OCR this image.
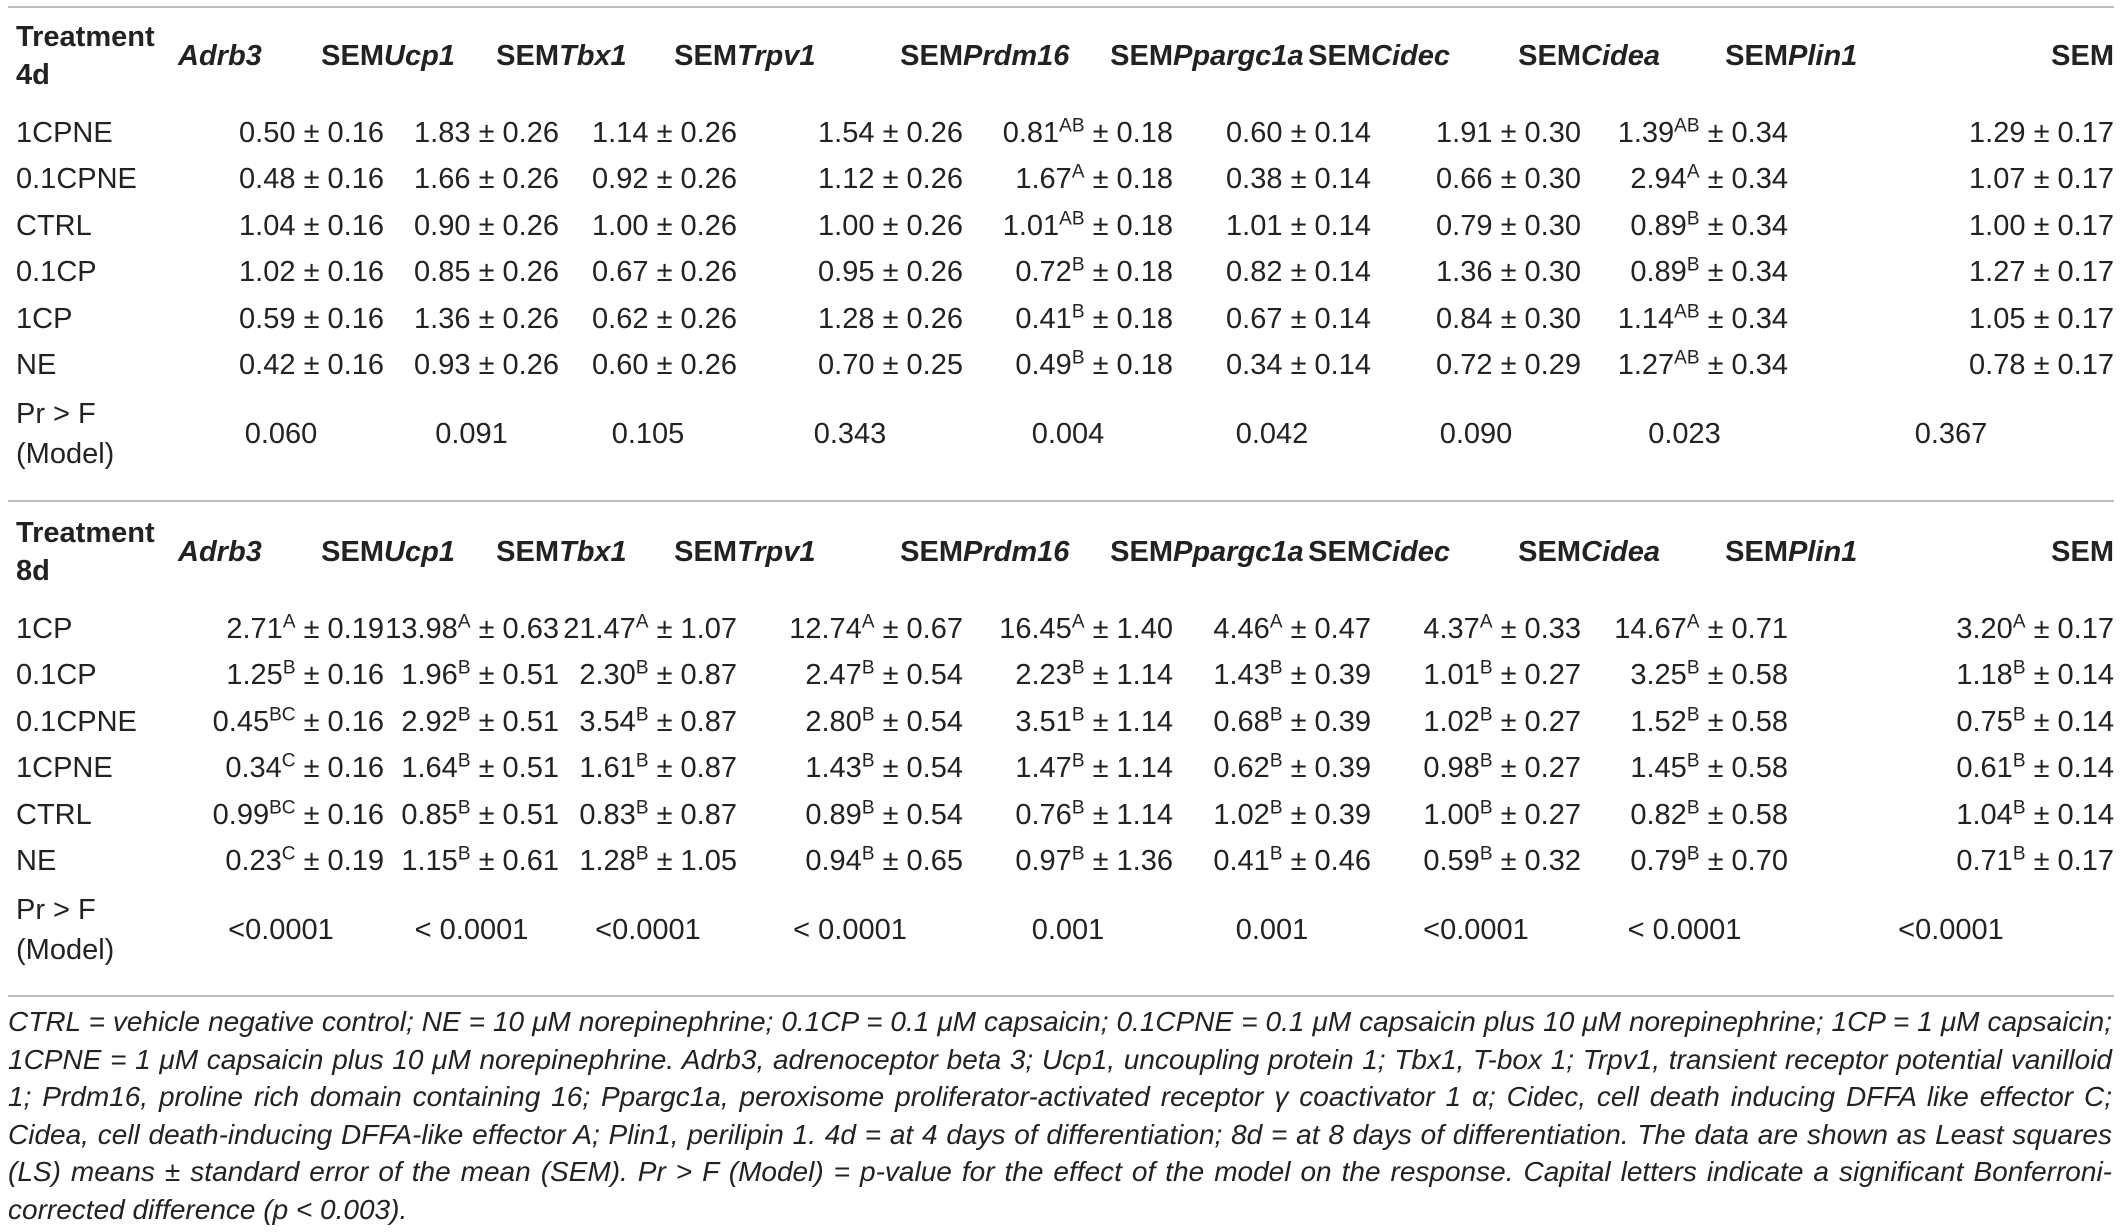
Treatment
4d	Adrb3	SEM	Ucp1	SEM	Tbx1	SEM	Trpv1	SEM	Prdm16	SEM	Ppargc1a	SEM	Cidec	SEM	Cidea	SEM	Plin1	SEM

1CPNE	0.50 ± 0.16		1.83 ± 0.26		1.14 ± 0.26		1.54 ± 0.26		$0.81^{AB} \pm 0.18$		0.60 ± 0.14		1.91 ± 0.30		$1.39^{AB} \pm 0.34$		1.29 ± 0.17	
0.1CPNE	0.48 ± 0.16		1.66 ± 0.26		0.92 ± 0.26		1.12 ± 0.26		$1.67^A \pm 0.18$		0.38 ± 0.14		0.66 ± 0.30		$2.94^A \pm 0.34$		1.07 ± 0.17	
CTRL	1.04 ± 0.16		0.90 ± 0.26		1.00 ± 0.26		1.00 ± 0.26		$1.01^{AB} \pm 0.18$		1.01 ± 0.14		0.79 ± 0.30		$0.89^B \pm 0.34$		1.00 ± 0.17	
0.1CP	1.02 ± 0.16		0.85 ± 0.26		0.67 ± 0.26		0.95 ± 0.26		$0.72^B \pm 0.18$		0.82 ± 0.14		1.36 ± 0.30		$0.89^B \pm 0.34$		1.27 ± 0.17	
1CP	0.59 ± 0.16		1.36 ± 0.26		0.62 ± 0.26		1.28 ± 0.26		$0.41^B \pm 0.18$		0.67 ± 0.14		0.84 ± 0.30		$1.14^{AB} \pm 0.34$		1.05 ± 0.17	
NE	0.42 ± 0.16		0.93 ± 0.26		0.60 ± 0.26		0.70 ± 0.25		$0.49^B \pm 0.18$		0.34 ± 0.14		0.72 ± 0.29		$1.27^{AB} \pm 0.34$		0.78 ± 0.17	
Pr > F
(Model)	0.060		0.091		0.105		0.343		0.004		0.042		0.090		0.023		0.367	
Treatment
8d	Adrb3	SEM	Ucp1	SEM	Tbx1	SEM	Trpv1	SEM	Prdm16	SEM	Ppargc1a	SEM	Cidec	SEM	Cidea	SEM	Plin1	SEM

1CP	$2.71^A \pm 0.19$		$13.98^A \pm 0.63$		$21.47^A \pm 1.07$		$12.74^A \pm 0.67$		$16.45^A \pm 1.40$		$4.46^A \pm 0.47$		$4.37^A \pm 0.33$		$14.67^A \pm 0.71$		$3.20^A \pm 0.17$	
0.1CP	$1.25^B \pm 0.16$		$1.96^B \pm 0.51$		$2.30^B \pm 0.87$		$2.47^B \pm 0.54$		$2.23^B \pm 1.14$		$1.43^B \pm 0.39$		$1.01^B \pm 0.27$		$3.25^B \pm 0.58$		$1.18^B \pm 0.14$	
0.1CPNE	$0.45^{BC} \pm 0.16$		$2.92^B \pm 0.51$		$3.54^B \pm 0.87$		$2.80^B \pm 0.54$		$3.51^B \pm 1.14$		$0.68^B \pm 0.39$		$1.02^B \pm 0.27$		$1.52^B \pm 0.58$		$0.75^B \pm 0.14$	
1CPNE	$0.34^C \pm 0.16$		$1.64^B \pm 0.51$		$1.61^B \pm 0.87$		$1.43^B \pm 0.54$		$1.47^B \pm 1.14$		$0.62^B \pm 0.39$		$0.98^B \pm 0.27$		$1.45^B \pm 0.58$		$0.61^B \pm 0.14$	
CTRL	$0.99^{BC} \pm 0.16$		$0.85^B \pm 0.51$		$0.83^B \pm 0.87$		$0.89^B \pm 0.54$		$0.76^B \pm 1.14$		$1.02^B \pm 0.39$		$1.00^B \pm 0.27$		$0.82^B \pm 0.58$		$1.04^B \pm 0.14$	
NE	$0.23^C \pm 0.19$		$1.15^B \pm 0.61$		$1.28^B \pm 1.05$		$0.94^B \pm 0.65$		$0.97^B \pm 1.36$		$0.41^B \pm 0.46$		$0.59^B \pm 0.32$		$0.79^B \pm 0.70$		$0.71^B \pm 0.17$	
Pr > F
(Model)	<0.0001		< 0.0001		<0.0001		< 0.0001		0.001		0.001		<0.0001		< 0.0001		<0.0001	
CTRL = vehicle negative control; NE = 10 μM norepinephrine; 0.1CP = 0.1 μM capsaicin; 0.1CPNE = 0.1 μM capsaicin plus 10 μM norepinephrine; 1CP = 1 μM capsaicin; 1CPNE = 1 μM capsaicin plus 10 μM norepinephrine. Adrb3, adrenoceptor beta 3; Ucp1, uncoupling protein 1; Tbx1, T-box 1; Trpv1, transient receptor potential vanilloid 1; Prdm16, proline rich domain containing 16; Ppargc1a, peroxisome proliferator-activated receptor γ coactivator 1 α; Cidec, cell death inducing DFFA like effector C; Cidea, cell death-inducing DFFA-like effector A; Plin1, perilipin 1. 4d = at 4 days of differentiation; 8d = at 8 days of differentiation. The data are shown as Least squares (LS) means ± standard error of the mean (SEM). Pr > F (Model) = p-value for the effect of the model on the response. Capital letters indicate a significant Bonferroni-corrected difference (p < 0.003).
